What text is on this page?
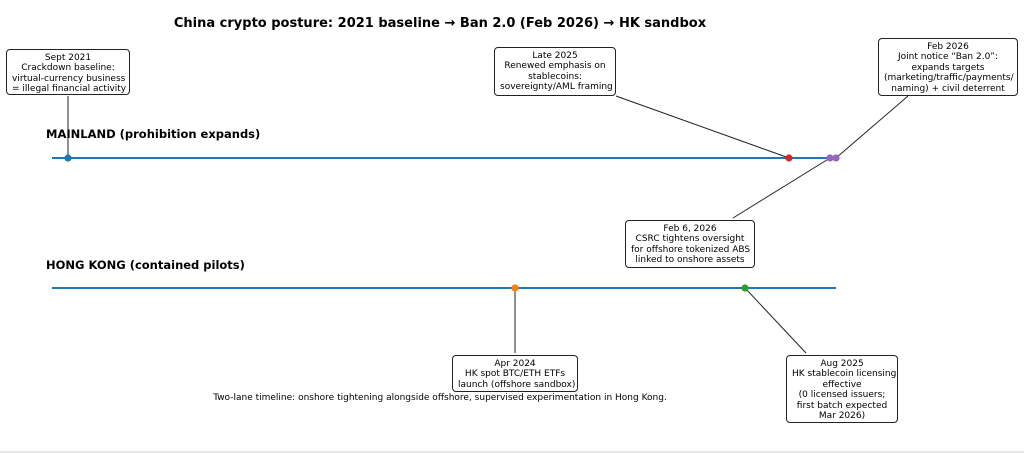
China crypto posture: 2021 baseline → Ban 2.0 (Feb 2026) → HK sandbox
MAINLAND (prohibition expands)
HONG KONG (contained pilots)
Sept 2021
Crackdown baseline:
virtual-currency business
= illegal financial activity
Late 2025
Renewed emphasis on
stablecoins:
sovereignty/AML framing
Feb 2026
Joint notice “Ban 2.0”:
expands targets
(marketing/traffic/payments/
naming) + civil deterrent
Feb 6, 2026
CSRC tightens oversight
for offshore tokenized ABS
linked to onshore assets
Apr 2024
HK spot BTC/ETH ETFs
launch (offshore sandbox)
Aug 2025
HK stablecoin licensing
effective
(0 licensed issuers;
first batch expected
Mar 2026)
Two-lane timeline: onshore tightening alongside offshore, supervised experimentation in Hong Kong.
